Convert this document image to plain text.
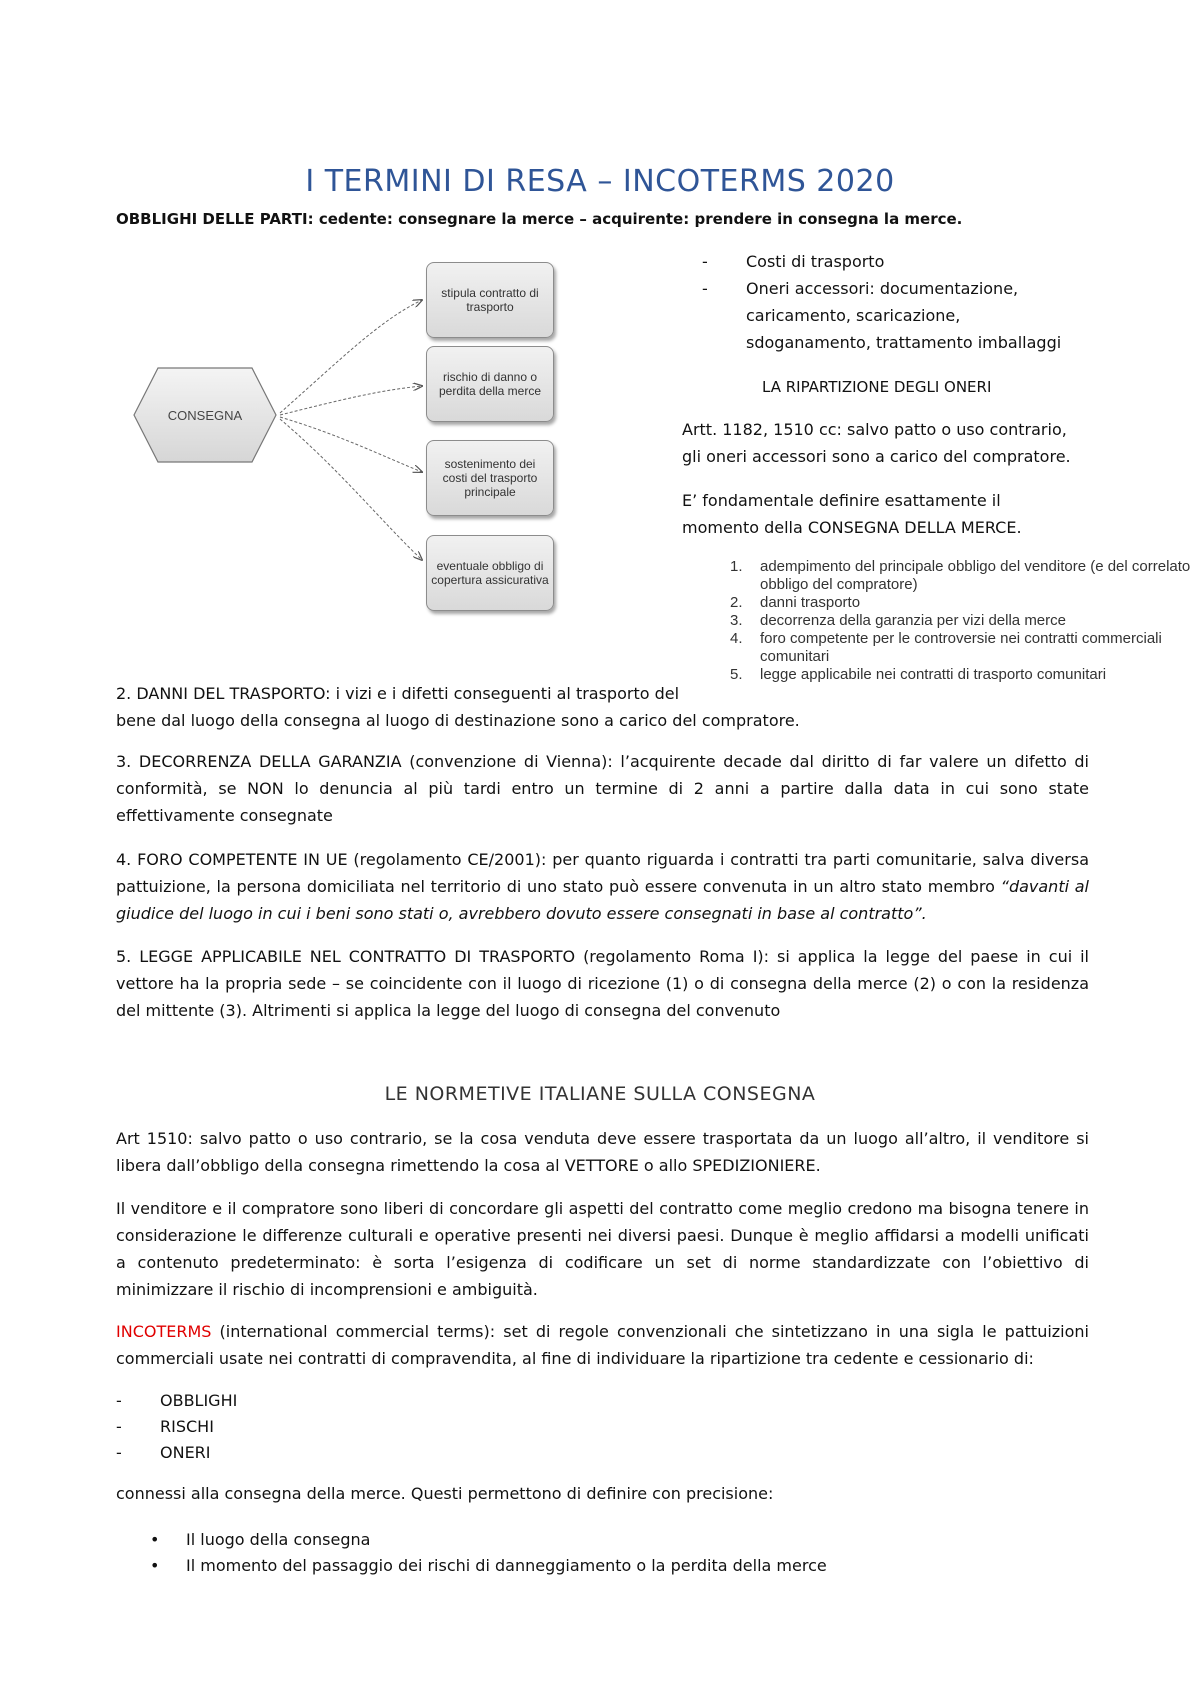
I TERMINI DI RESA – INCOTERMS 2020
OBBLIGHI DELLE PARTI: cedente: consegnare la merce – acquirente: prendere in consegna la merce.
CONSEGNA
stipula contratto di trasporto
rischio di danno o perdita della merce
sostenimento dei costi del trasporto principale
eventuale obbligo di copertura assicurativa
- Costi di trasporto
- Oneri accessori: documentazione,
caricamento, scaricazione,
sdoganamento, trattamento imballaggi
LA RIPARTIZIONE DEGLI ONERI
Artt. 1182, 1510 cc: salvo patto o uso contrario,
gli oneri accessori sono a carico del compratore.
E’ fondamentale definire esattamente il
momento della CONSEGNA DELLA MERCE.
1.	adempimento del principale obbligo del venditore (e del correlato obbligo del compratore)
2.	danni trasporto
3.	decorrenza della garanzia per vizi della merce
4.	foro competente per le controversie nei contratti commerciali comunitari
5.	legge applicabile nei contratti di trasporto comunitari
2. DANNI DEL TRASPORTO: i vizi e i difetti conseguenti al trasporto del
bene dal luogo della consegna al luogo di destinazione sono a carico del compratore.

3. DECORRENZA DELLA GARANZIA (convenzione di Vienna): l’acquirente decade dal diritto di far valere un difetto di conformità, se NON lo denuncia al più tardi entro un termine di 2 anni a partire dalla data in cui sono state effettivamente consegnate

4. FORO COMPETENTE IN UE (regolamento CE/2001): per quanto riguarda i contratti tra parti comunitarie, salva diversa pattuizione, la persona domiciliata nel territorio di uno stato può essere convenuta in un altro stato membro “davanti al giudice del luogo in cui i beni sono stati o, avrebbero dovuto essere consegnati in base al contratto”.

5. LEGGE APPLICABILE NEL CONTRATTO DI TRASPORTO (regolamento Roma I): si applica la legge del paese in cui il vettore ha la propria sede – se coincidente con il luogo di ricezione (1) o di consegna della merce (2) o con la residenza del mittente (3). Altrimenti si applica la legge del luogo di consegna del convenuto

LE NORMETIVE ITALIANE SULLA CONSEGNA
Art 1510: salvo patto o uso contrario, se la cosa venduta deve essere trasportata da un luogo all’altro, il venditore si libera dall’obbligo della consegna rimettendo la cosa al VETTORE o allo SPEDIZIONIERE.
Il venditore e il compratore sono liberi di concordare gli aspetti del contratto come meglio credono ma bisogna tenere in considerazione le differenze culturali e operative presenti nei diversi paesi. Dunque è meglio affidarsi a modelli unificati a contenuto predeterminato: è sorta l’esigenza di codificare un set di norme standardizzate con l’obiettivo di minimizzare il rischio di incomprensioni e ambiguità.
INCOTERMS (international commercial terms): set di regole convenzionali che sintetizzano in una sigla le pattuizioni commerciali usate nei contratti di compravendita, al fine di individuare la ripartizione tra cedente e cessionario di:
- OBBLIGHI
- RISCHI
- ONERI
connessi alla consegna della merce. Questi permettono di definire con precisione:
• Il luogo della consegna
• Il momento del passaggio dei rischi di danneggiamento o la perdita della merce
